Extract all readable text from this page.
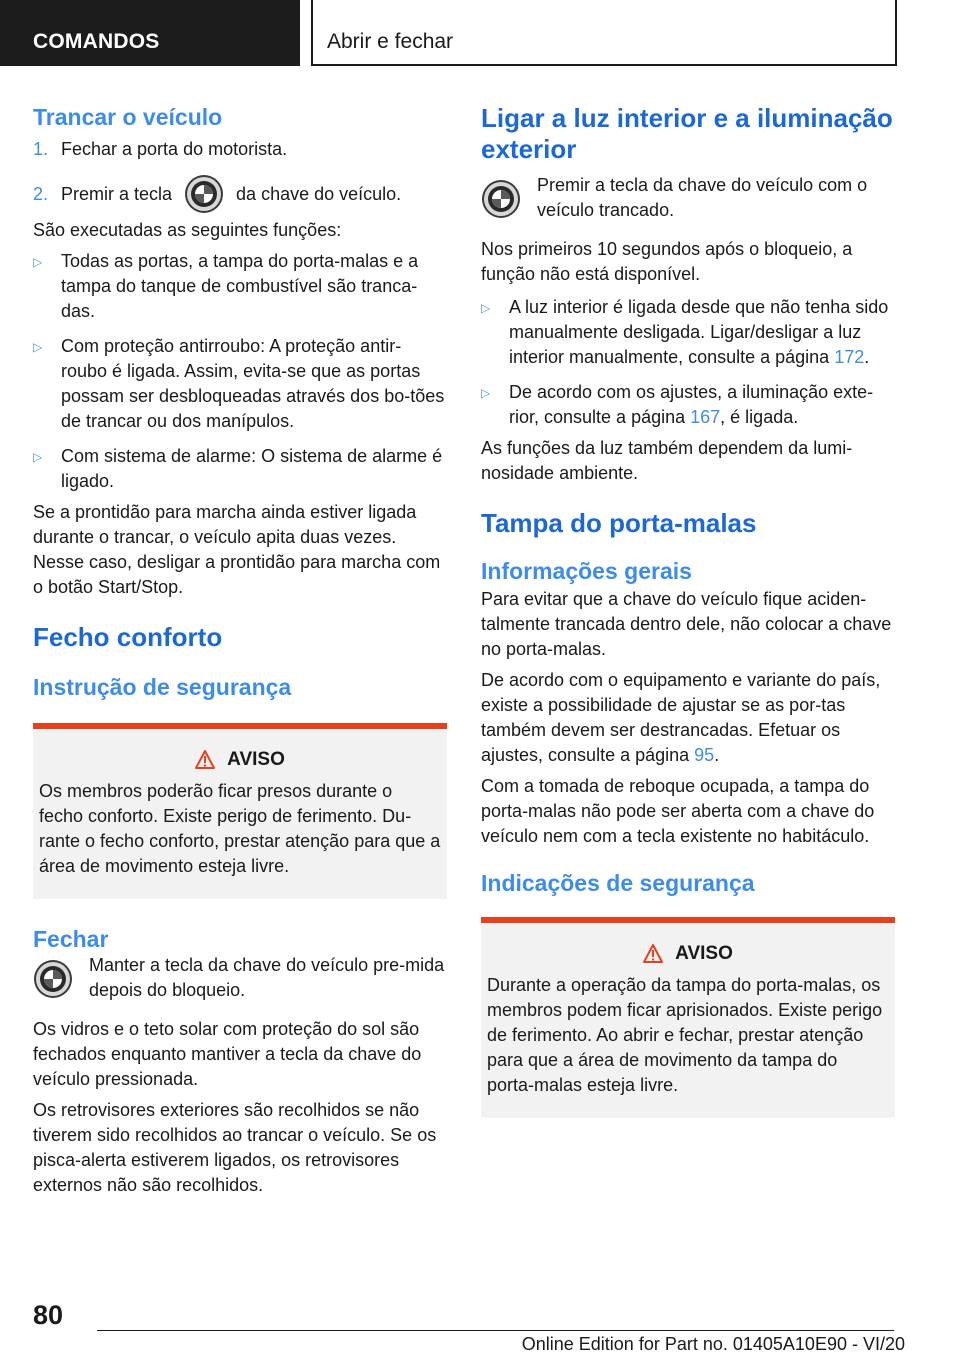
COMANDOS	Abrir e fechar
Trancar o veículo
1. Fechar a porta do motorista.
2. Premir a tecla	da chave do veículo.

São executadas as seguintes funções:

▷	Todas as portas, a tampa do porta-malas e a tampa do tanque de combustível são tranca-das.
▷	Com proteção antirroubo: A proteção antir-roubo é ligada. Assim, evita-se que as portas possam ser desbloqueadas através dos bo-tões de trancar ou dos manípulos.
▷	Com sistema de alarme: O sistema de alarme é ligado.

Se a prontidão para marcha ainda estiver ligada durante o trancar, o veículo apita duas vezes. Nesse caso, desligar a prontidão para marcha com o botão Start/Stop.

Fecho conforto
Instrução de segurança
AVISO

Os membros poderão ficar presos durante o fecho conforto. Existe perigo de ferimento. Du-rante o fecho conforto, prestar atenção para que a área de movimento esteja livre.

Fechar

Manter a tecla da chave do veículo pre-mida depois do bloqueio.

Os vidros e o teto solar com proteção do sol são fechados enquanto mantiver a tecla da chave do veículo pressionada.

Os retrovisores exteriores são recolhidos se não tiverem sido recolhidos ao trancar o veículo. Se os pisca-alerta estiverem ligados, os retrovisores externos não são recolhidos.

Ligar a luz interior e a iluminação exterior

Premir a tecla da chave do veículo com o veículo trancado.

Nos primeiros 10 segundos após o bloqueio, a função não está disponível.

▷	A luz interior é ligada desde que não tenha sido manualmente desligada. Ligar/desligar a luz interior manualmente, consulte a página 172.
▷	De acordo com os ajustes, a iluminação exte-rior, consulte a página 167, é ligada.

As funções da luz também dependem da lumi-nosidade ambiente.

Tampa do porta-malas
Informações gerais

Para evitar que a chave do veículo fique aciden-talmente trancada dentro dele, não colocar a chave no porta-malas.

De acordo com o equipamento e variante do país, existe a possibilidade de ajustar se as por-tas também devem ser destrancadas. Efetuar os ajustes, consulte a página 95.

Com a tomada de reboque ocupada, a tampa do porta-malas não pode ser aberta com a chave do veículo nem com a tecla existente no habitáculo.

Indicações de segurança
AVISO

Durante a operação da tampa do porta-malas, os membros podem ficar aprisionados. Existe perigo de ferimento. Ao abrir e fechar, prestar atenção para que a área de movimento da tampa do porta-malas esteja livre.

80
Online Edition for Part no. 01405A10E90 - VI/20
